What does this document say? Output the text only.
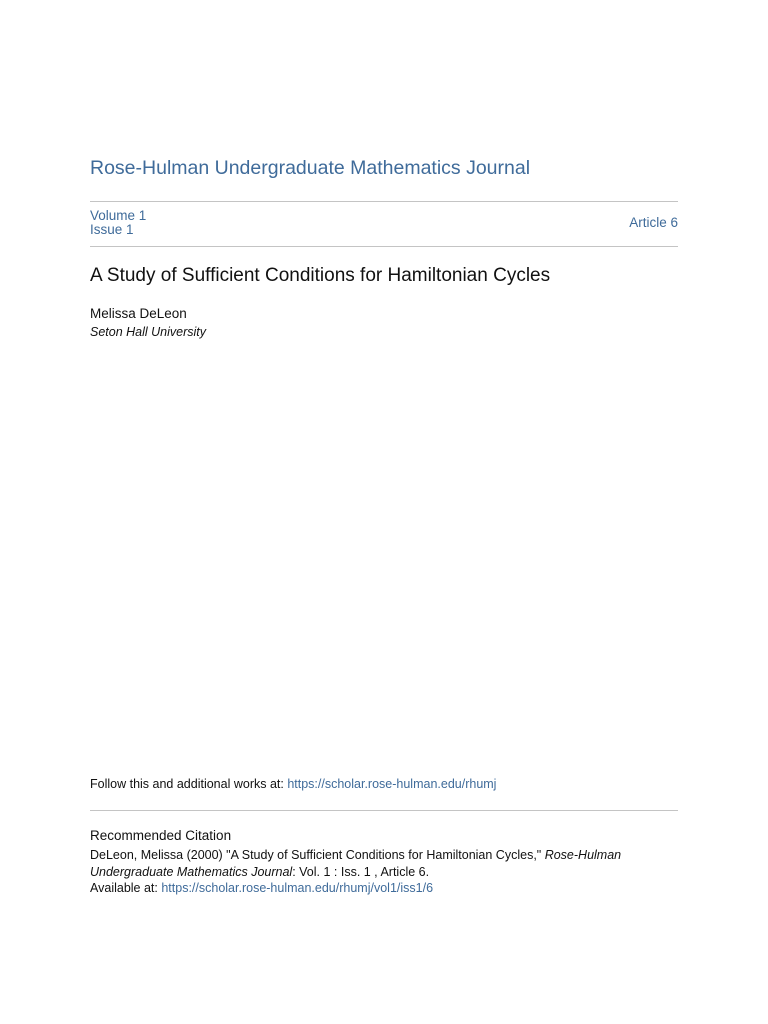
Rose-Hulman Undergraduate Mathematics Journal
Volume 1
Issue 1	Article 6
A Study of Sufficient Conditions for Hamiltonian Cycles
Melissa DeLeon
Seton Hall University
Follow this and additional works at: https://scholar.rose-hulman.edu/rhumj
Recommended Citation
DeLeon, Melissa (2000) "A Study of Sufficient Conditions for Hamiltonian Cycles," Rose-Hulman Undergraduate Mathematics Journal: Vol. 1 : Iss. 1 , Article 6.
Available at: https://scholar.rose-hulman.edu/rhumj/vol1/iss1/6
